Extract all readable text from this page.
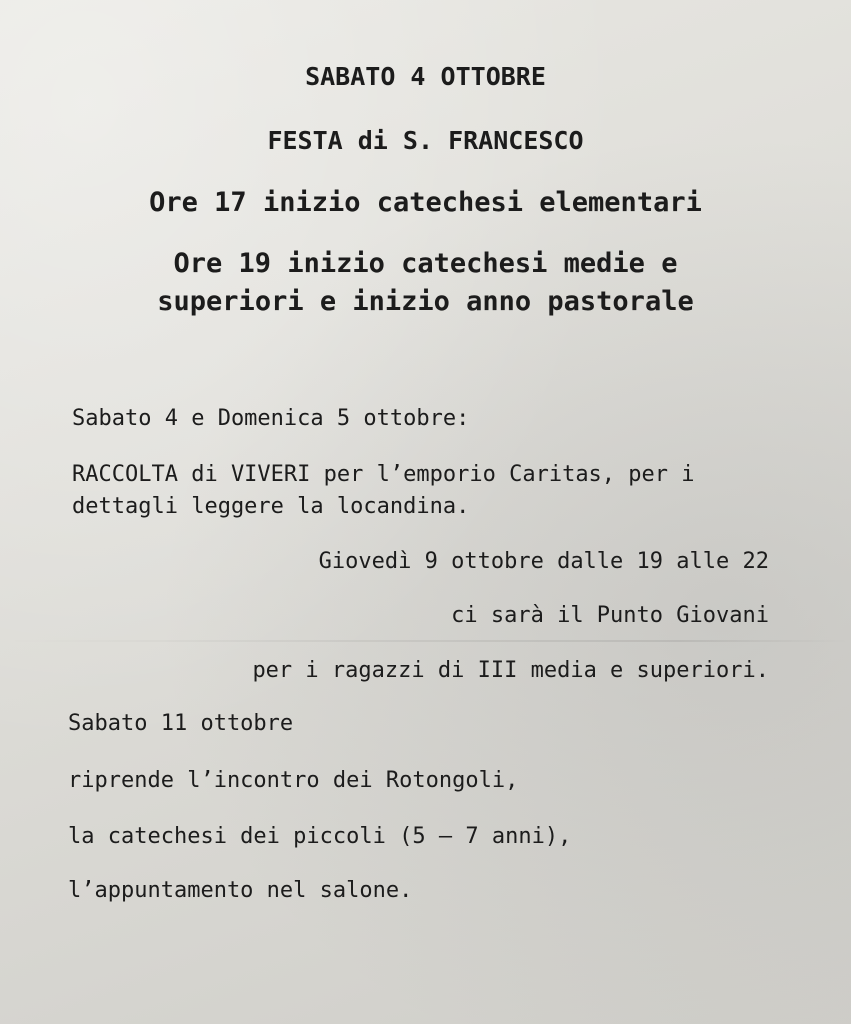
SABATO 4 OTTOBRE
FESTA di S. FRANCESCO
Ore 17 inizio catechesi elementari
Ore 19 inizio catechesi medie e
superiori e inizio anno pastorale
Sabato 4 e Domenica 5 ottobre:
RACCOLTA di VIVERI per l’emporio Caritas, per i
dettagli leggere la locandina.
Giovedì 9 ottobre dalle 19 alle 22
ci sarà il Punto Giovani
per i ragazzi di III media e superiori.
Sabato 11 ottobre
riprende l’incontro dei Rotongoli,
la catechesi dei piccoli (5 – 7 anni),
l’appuntamento nel salone.
